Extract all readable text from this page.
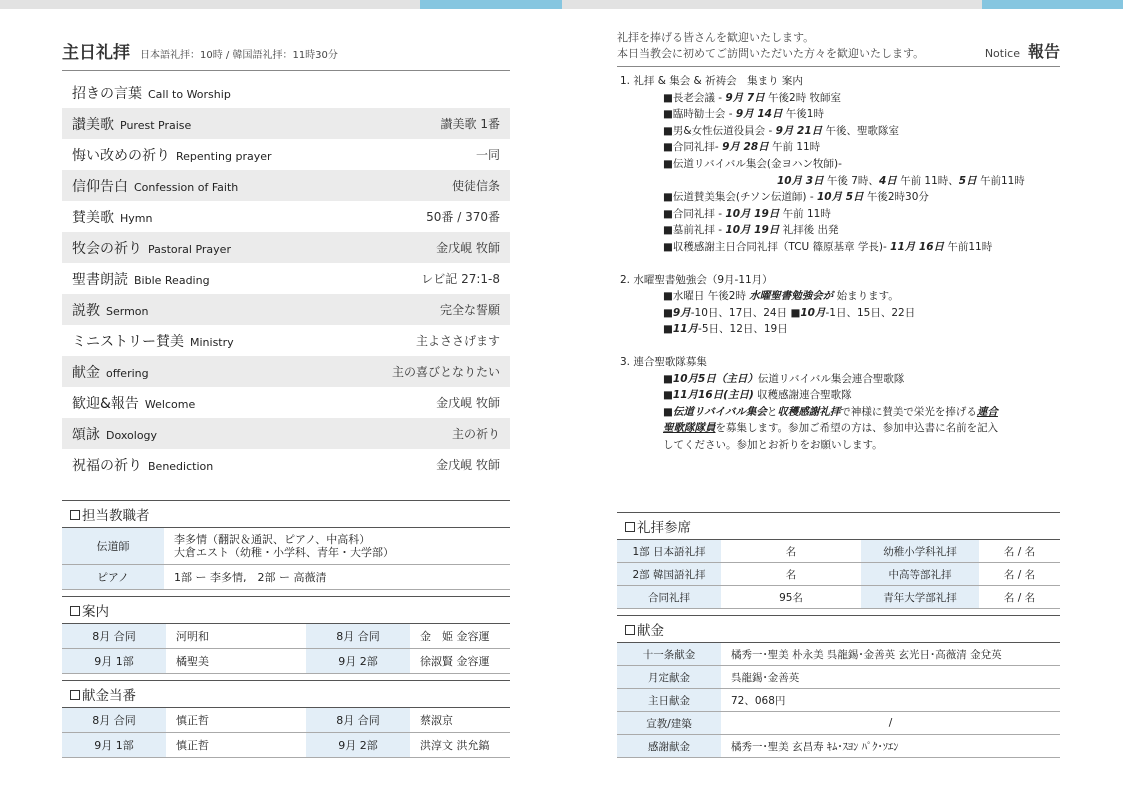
主日礼拝 日本語礼拝：10時 / 韓国語礼拝：11時30分
招きの言葉 Call to Worship
讃美歌 Purest Praise	讃美歌 1番
悔い改めの祈り Repenting prayer	一同
信仰告白 Confession of Faith	使徒信条
賛美歌 Hymn	50番 / 370番
牧会の祈り Pastoral Prayer	金戊峴 牧師
聖書朗読 Bible Reading	レビ記 27:1-8
説教 Sermon	完全な誓願
ミニストリー賛美 Ministry	主よささげます
献金 offering	主の喜びとなりたい
歓迎&報告 Welcome	金戊峴 牧師
頌詠 Doxology	主の祈り
祝福の祈り Benediction	金戊峴 牧師
担当教職者
伝道師	李多情（翻訳＆通訳、ピアノ、中高科）
大倉エスト（幼稚・小学科、青年・大学部）

ピアノ	1部 ー 李多情,　2部 ー 高薇清
案内
8月 合同	河明和	8月 合同	金　姫 金容運
9月 1部	橘聖美	9月 2部	徐淑賢 金容運
献金当番
8月 合同	慎正哲	8月 合同	蔡淑京
9月 1部	慎正哲	9月 2部	洪淳文 洪允鎬
礼拝を捧げる皆さんを歓迎いたします。
本日当教会に初めてご訪問いただいた方々を歓迎いたします。	Notice 報告
1. 礼拝 & 集会 & 祈祷会　集まり 案内
■長老会議 - 9月 7日 午後2時 牧師室
■臨時勧士会 - 9月 14日 午後1時
■男&女性伝道役員会 - 9月 21日 午後、聖歌隊室
■合同礼拝- 9月 28日 午前 11時
■伝道リバイバル集会(金ヨハン牧師)-
10月 3日 午後 7時、4日 午前 11時、5日 午前11時
■伝道賛美集会(チソン伝道師) - 10月 5日 午後2時30分
■合同礼拝 - 10月 19日 午前 11時
■墓前礼拝 - 10月 19日 礼拝後 出発
■収穫感謝主日合同礼拝（TCU 篠原基章 学長)- 11月 16日 午前11時
2. 水曜聖書勉強会（9月-11月）
■水曜日 午後2時 水曜聖書勉強会が 始まります。
■9月-10日、17日、24日 ■10月-1日、15日、22日
■11月-5日、12日、19日
3. 連合聖歌隊募集
■10月5日（主日）伝道リバイバル集会連合聖歌隊
■11月16日(主日) 収穫感謝連合聖歌隊
■伝道リバイバル集会と収穫感謝礼拝で神様に賛美で栄光を捧げる連合
聖歌隊隊員を募集します。参加ご希望の方は、参加申込書に名前を記入
してください。参加とお祈りをお願いします。
礼拝参席
1部 日本語礼拝	名	幼稚小学科礼拝	名 / 名
2部 韓国語礼拝	名	中高等部礼拝	名 / 名
合同礼拝	95名	青年大学部礼拝	名 / 名
献金
十一条献金	橘秀一･聖美 朴永美 呉龍錫･金善英 玄光日･高薇清 金兌英
月定献金	呉龍錫･金善英
主日献金	72、068円
宣教/建築	/
感謝献金	橘秀一･聖美 玄昌寿 ｷﾑ･ｽﾖﾝ ﾊﾟｸ･ｿｴﾝ
